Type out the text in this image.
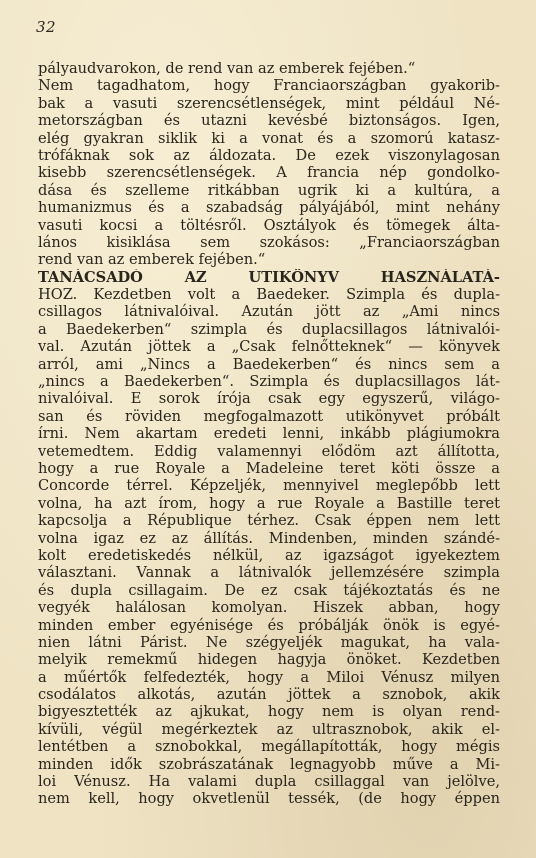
32
pályaudvarokon, de rend van az emberek fejében.“
Nem tagadhatom, hogy Franciaországban gyakorib-
bak a vasuti szerencsétlenségek, mint például Né-
metországban és utazni kevésbé biztonságos. Igen,
elég gyakran siklik ki a vonat és a szomorú katasz-
trófáknak sok az áldozata. De ezek viszonylagosan
kisebb szerencsétlenségek. A francia nép gondolko-
dása és szelleme ritkábban ugrik ki a kultúra, a
humanizmus és a szabadság pályájából, mint nehány
vasuti kocsi a töltésről. Osztályok és tömegek álta-
lános kisiklása sem szokásos: „Franciaországban
rend van az emberek fejében.“
TANÁCSADÓ AZ UTIKÖNYV HASZNÁLATÁ-
HOZ. Kezdetben volt a Baedeker. Szimpla és dupla-
csillagos látnivalóival. Azután jött az „Ami nincs
a Baedekerben“ szimpla és duplacsillagos látnivalói-
val. Azután jöttek a „Csak felnőtteknek“ — könyvek
arról, ami „Nincs a Baedekerben“ és nincs sem a
„nincs a Baedekerben“. Szimpla és duplacsillagos lát-
nivalóival. E sorok írója csak egy egyszerű, világo-
san és röviden megfogalmazott utikönyvet próbált
írni. Nem akartam eredeti lenni, inkább plágiumokra
vetemedtem. Eddig valamennyi elődöm azt állította,
hogy a rue Royale a Madeleine teret köti össze a
Concorde térrel. Képzeljék, mennyivel meglepőbb lett
volna, ha azt írom, hogy a rue Royale a Bastille teret
kapcsolja a République térhez. Csak éppen nem lett
volna igaz ez az állítás. Mindenben, minden szándé-
kolt eredetiskedés nélkül, az igazságot igyekeztem
választani. Vannak a látnivalók jellemzésére szimpla
és dupla csillagaim. De ez csak tájékoztatás és ne
vegyék halálosan komolyan. Hiszek abban, hogy
minden ember egyénisége és próbálják önök is egyé-
nien látni Párist. Ne szégyeljék magukat, ha vala-
melyik remekmű hidegen hagyja önöket. Kezdetben
a műértők felfedezték, hogy a Miloi Vénusz milyen
csodálatos alkotás, azután jöttek a sznobok, akik
bigyesztették az ajkukat, hogy nem is olyan rend-
kívüli, végül megérkeztek az ultrasznobok, akik el-
lentétben a sznobokkal, megállapították, hogy mégis
minden idők szobrászatának legnagyobb műve a Mi-
loi Vénusz. Ha valami dupla csillaggal van jelölve,
nem kell, hogy okvetlenül tessék, (de hogy éppen
